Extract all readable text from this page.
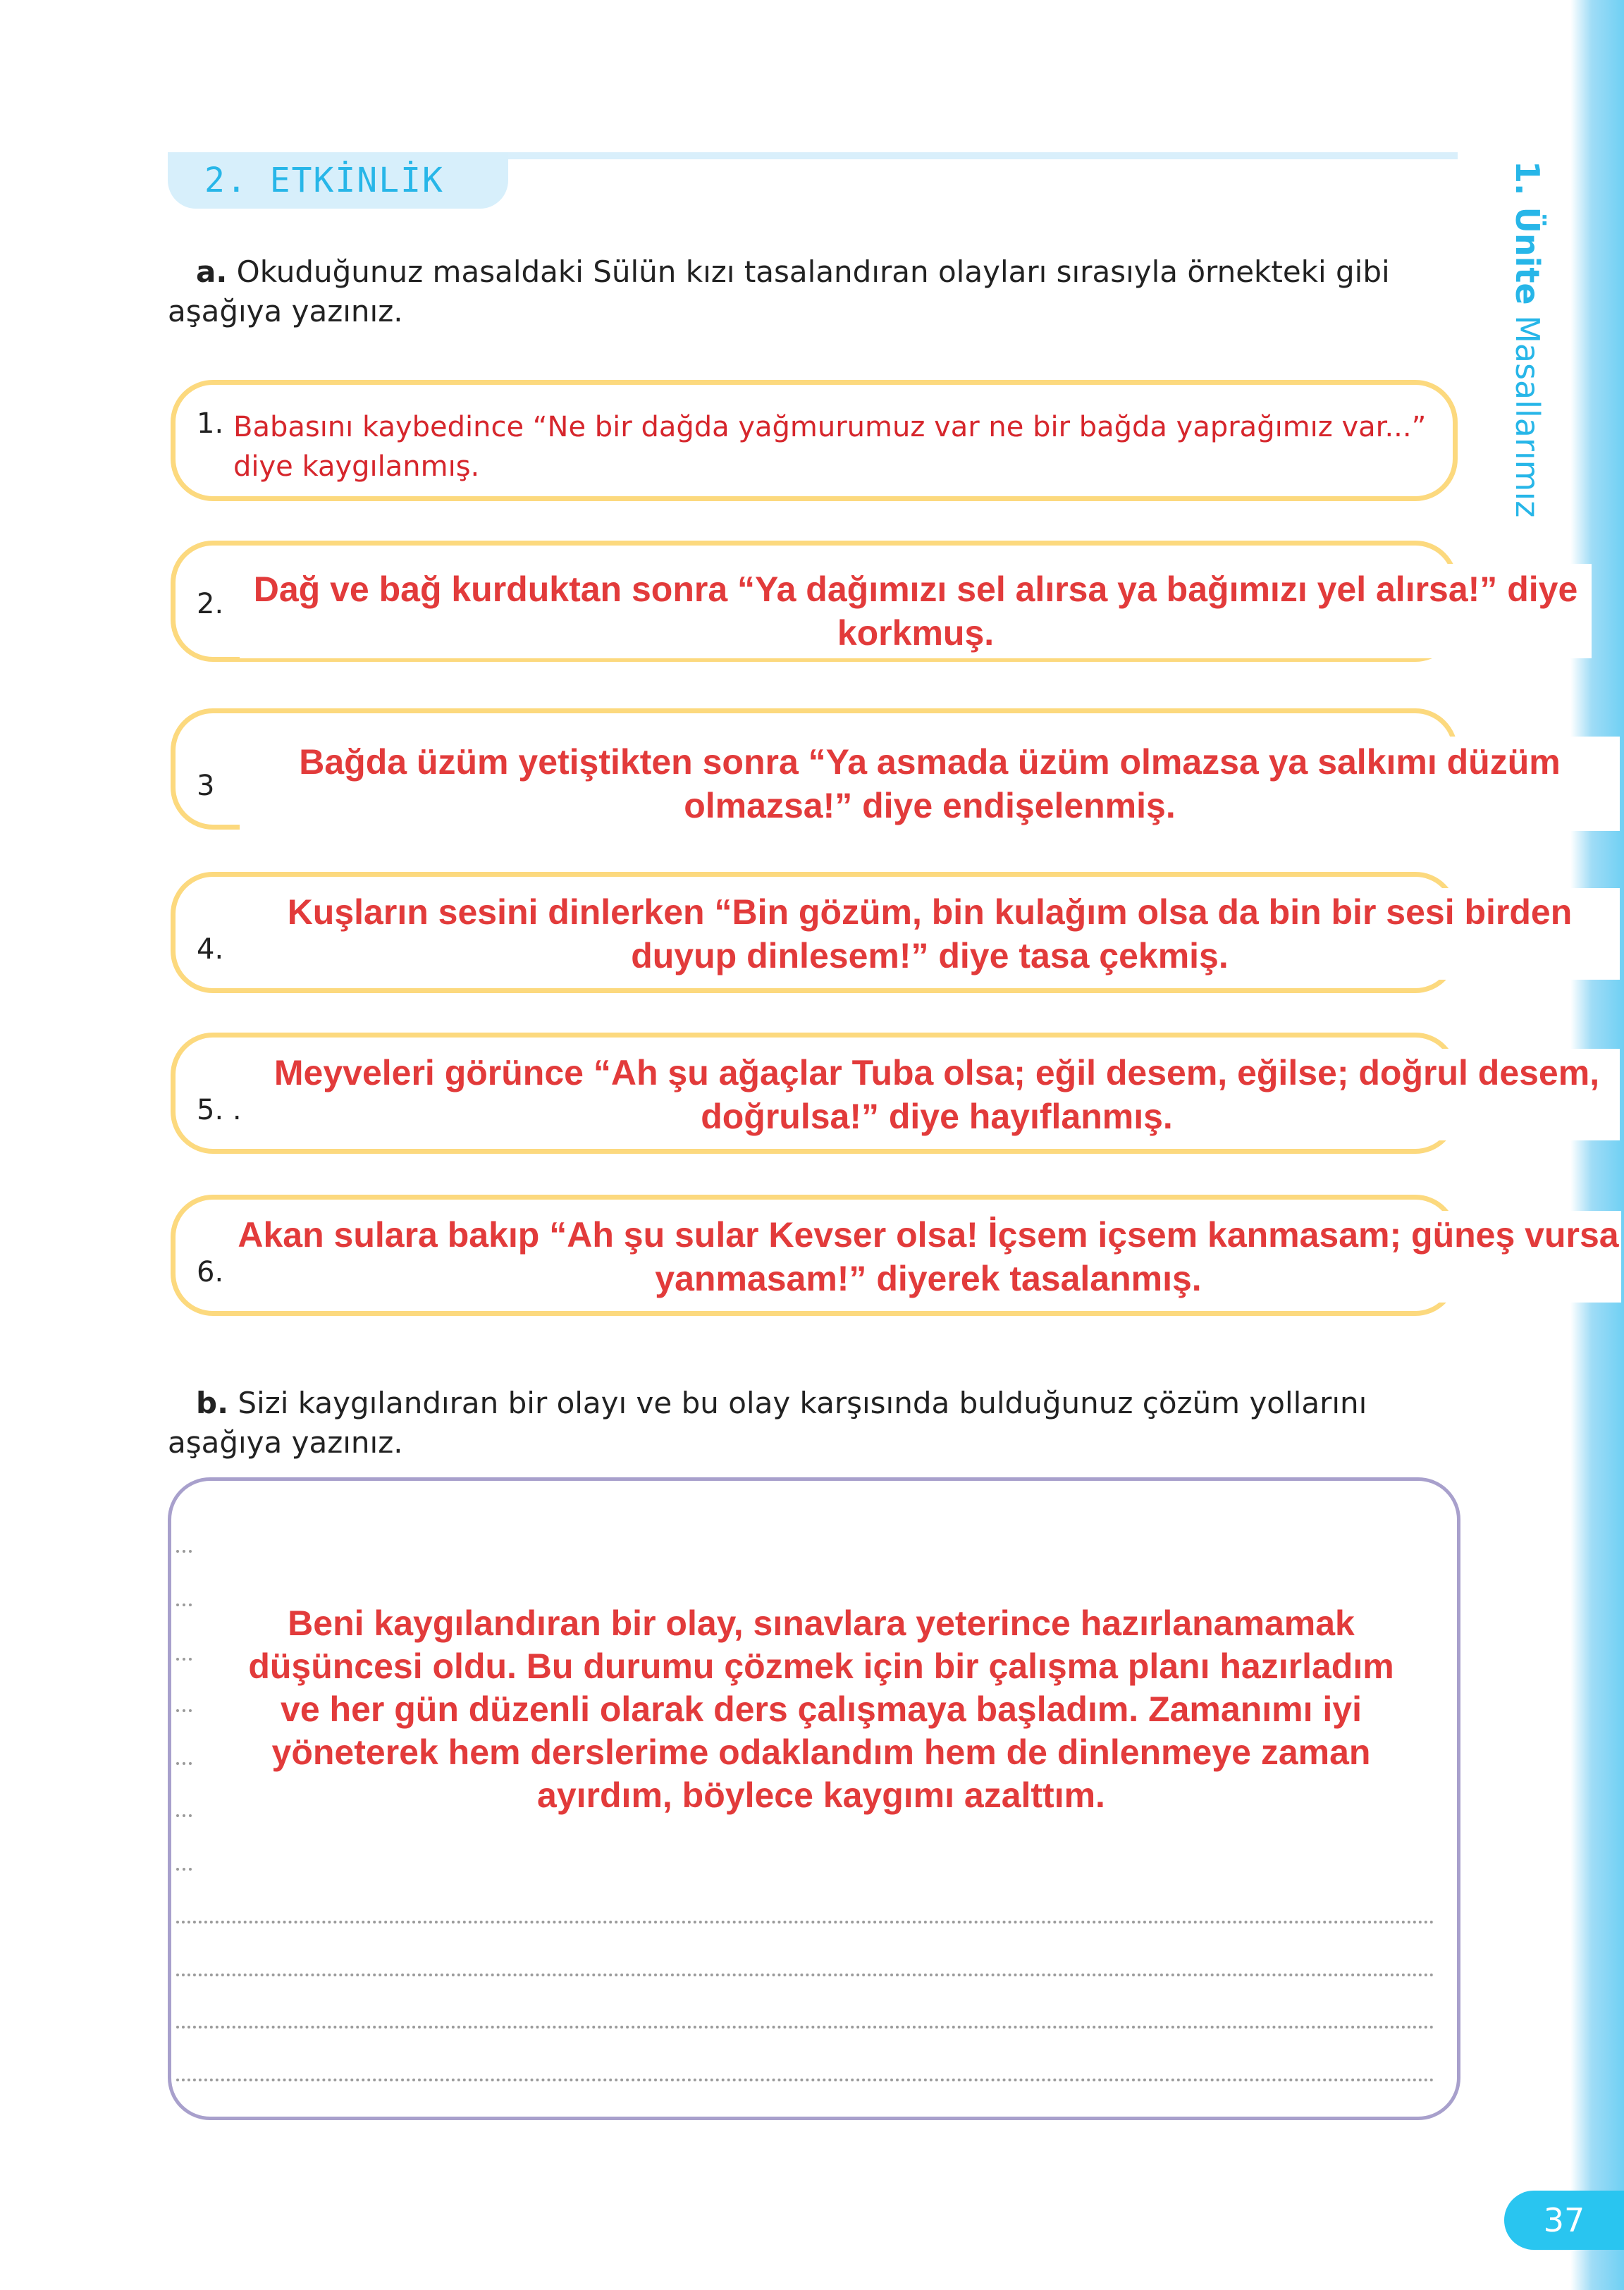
2. ETKİNLİK	1. Ünite Masallarımız
a. Okuduğunuz masaldaki Sülün kızı tasalandıran olayları sırasıyla örnekteki gibi aşağıya yazınız.
1. Babasını kaybedince “Ne bir dağda yağmurumuz var ne bir bağda yaprağımız var...” diye kaygılanmış.
2. Dağ ve bağ kurduktan sonra “Ya dağımızı sel alırsa ya bağımızı yel alırsa!” diye korkmuş.
3
Bağda üzüm yetiştikten sonra “Ya asmada üzüm olmazsa ya salkımı düzüm olmazsa!” diye endişelenmiş.
4.
Kuşların sesini dinlerken “Bin gözüm, bin kulağım olsa da bin bir sesi birden duyup dinlesem!” diye tasa çekmiş.
5. .
Meyveleri görünce “Ah şu ağaçlar Tuba olsa; eğil desem, eğilse; doğrul desem, doğrulsa!” diye hayıflanmış.
6.
Akan sulara bakıp “Ah şu sular Kevser olsa! İçsem içsem kanmasam; güneş vursa yanmasam!” diyerek tasalanmış.
b. Sizi kaygılandıran bir olayı ve bu olay karşısında bulduğunuz çözüm yollarını aşağıya yazınız.
Beni kaygılandıran bir olay, sınavlara yeterince hazırlanamamak düşüncesi oldu. Bu durumu çözmek için bir çalışma planı hazırladım ve her gün düzenli olarak ders çalışmaya başladım. Zamanımı iyi yöneterek hem derslerime odaklandım hem de dinlenmeye zaman ayırdım, böylece kaygımı azalttım.
37
